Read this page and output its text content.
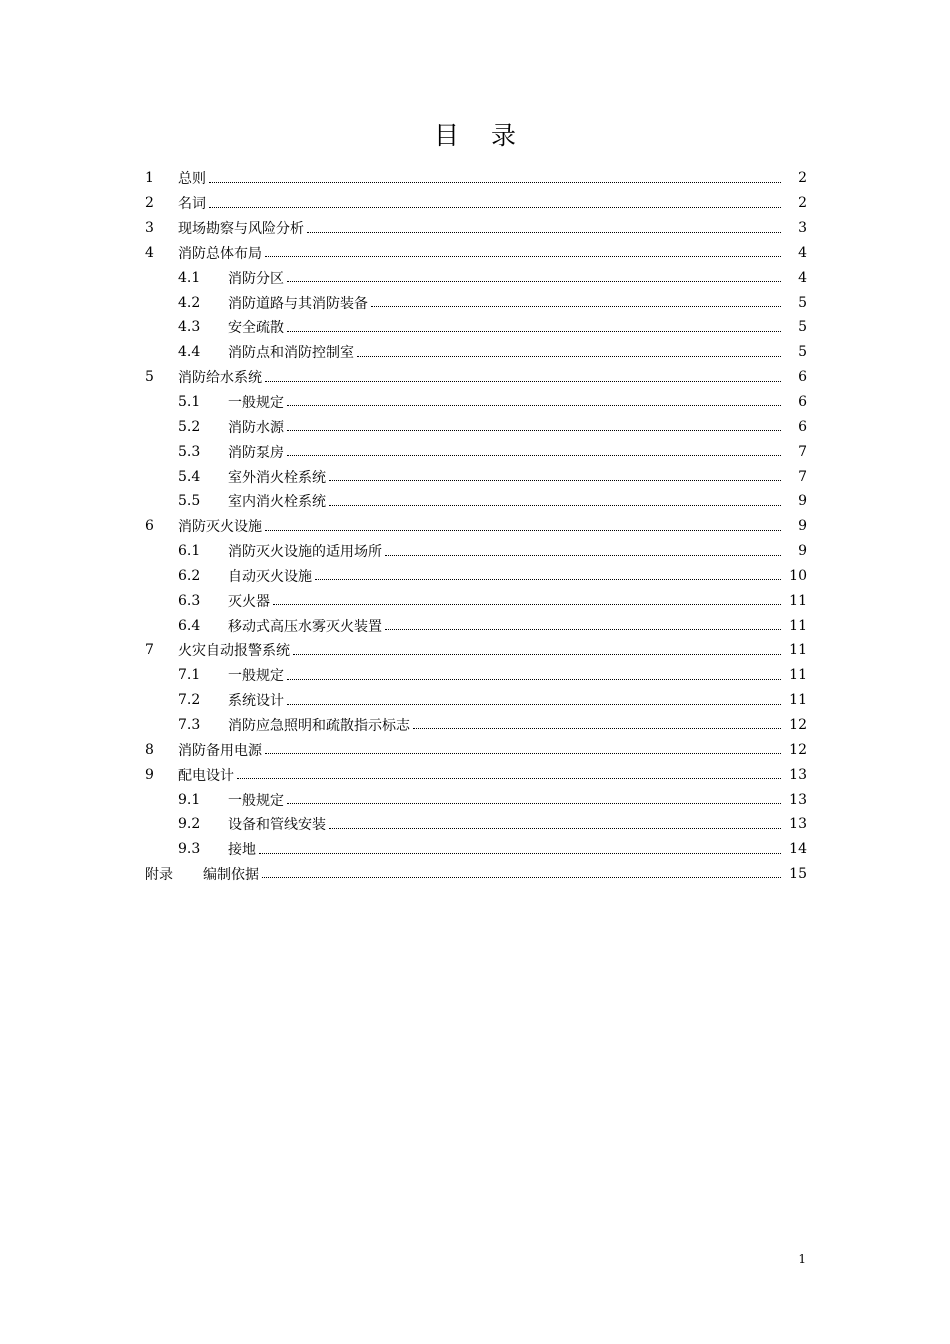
目 录
1	总则	2
2	名词	2
3	现场勘察与风险分析	3
4	消防总体布局	4
4.1	消防分区	4
4.2	消防道路与其消防装备	5
4.3	安全疏散	5
4.4	消防点和消防控制室	5
5	消防给水系统	6
5.1	一般规定	6
5.2	消防水源	6
5.3	消防泵房	7
5.4	室外消火栓系统	7
5.5	室内消火栓系统	9
6	消防灭火设施	9
6.1	消防灭火设施的适用场所	9
6.2	自动灭火设施	10
6.3	灭火器	11
6.4	移动式高压水雾灭火装置	11
7	火灾自动报警系统	11
7.1	一般规定	11
7.2	系统设计	11
7.3	消防应急照明和疏散指示标志	12
8	消防备用电源	12
9	配电设计	13
9.1	一般规定	13
9.2	设备和管线安装	13
9.3	接地	14
附录	编制依据	15
1
